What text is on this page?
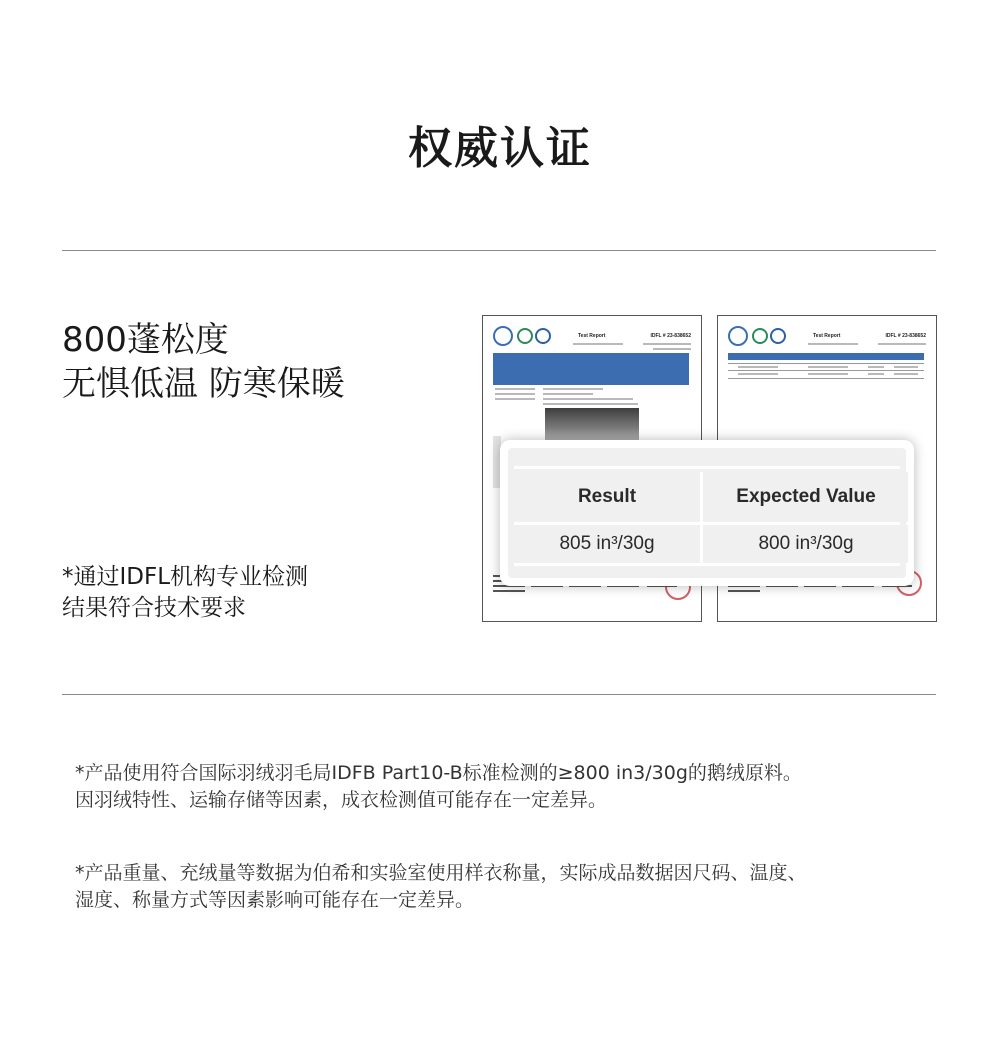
权威认证
800蓬松度
无惧低温 防寒保暖
*通过IDFL机构专业检测
结果符合技术要求
Test Report	IDFL # 23-838652	Test Report	IDFL # 23-838652
Result	Expected Value
805 in³/30g	800 in³/30g
*产品使用符合国际羽绒羽毛局IDFB Part10-B标准检测的≥800 in3/30g的鹅绒原料。
因羽绒特性、运输存储等因素，成衣检测值可能存在一定差异。
*产品重量、充绒量等数据为伯希和实验室使用样衣称量，实际成品数据因尺码、温度、
湿度、称量方式等因素影响可能存在一定差异。
